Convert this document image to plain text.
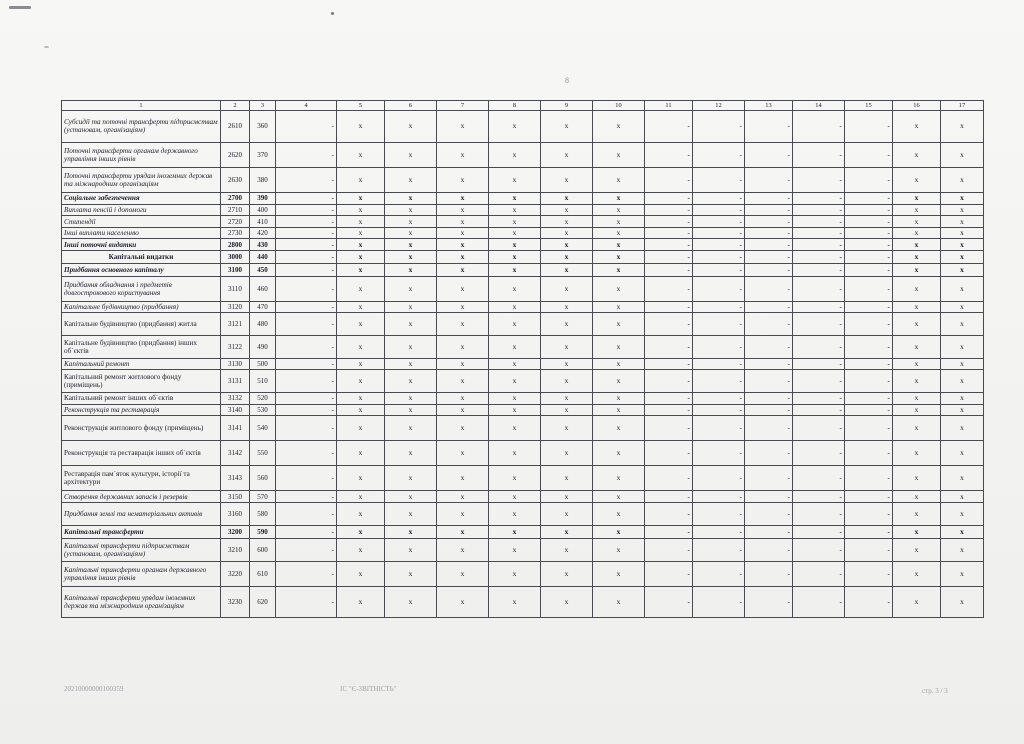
8
1	2	3	4	5	6	7	8	9	10	11	12	13	14	15	16	17
Субсидії та поточні трансферти підприємствам (установам, організаціям)	2610	360	-	х	х	х	х	х	х	-	-	-	-	-	х	х
Поточні трансферти органам державного управління інших рівнів	2620	370	-	х	х	х	х	х	х	-	-	-	-	-	х	х
Поточні трансферти урядам іноземних держав та міжнародним організаціям	2630	380	-	х	х	х	х	х	х	-	-	-	-	-	х	х
Соціальне забезпечення	2700	390	-	х	х	х	х	х	х	-	-	-	-	-	х	х
Виплата пенсій і допомоги	2710	400	-	х	х	х	х	х	х	-	-	-	-	-	х	х
Стипендії	2720	410	-	х	х	х	х	х	х	-	-	-	-	-	х	х
Інші виплати населенню	2730	420	-	х	х	х	х	х	х	-	-	-	-	-	х	х
Інші поточні видатки	2800	430	-	х	х	х	х	х	х	-	-	-	-	-	х	х
Капітальні видатки	3000	440	-	х	х	х	х	х	х	-	-	-	-	-	х	х
Придбання основного капіталу	3100	450	-	х	х	х	х	х	х	-	-	-	-	-	х	х
Придбання обладнання і предметів довгострокового користування	3110	460	-	х	х	х	х	х	х	-	-	-	-	-	х	х
Капітальне будівництво (придбання)	3120	470	-	х	х	х	х	х	х	-	-	-	-	-	х	х
Капітальне будівництво (придбання) житла	3121	480	-	х	х	х	х	х	х	-	-	-	-	-	х	х
Капітальне будівництво (придбання) інших об`єктів	3122	490	-	х	х	х	х	х	х	-	-	-	-	-	х	х
Капітальний ремонт	3130	500	-	х	х	х	х	х	х	-	-	-	-	-	х	х
Капітальний ремонт житлового фонду (приміщень)	3131	510	-	х	х	х	х	х	х	-	-	-	-	-	х	х
Капітальний ремонт інших об`єктів	3132	520	-	х	х	х	х	х	х	-	-	-	-	-	х	х
Реконструкція та реставрація	3140	530	-	х	х	х	х	х	х	-	-	-	-	-	х	х
Реконструкція житлового фонду (приміщень)	3141	540	-	х	х	х	х	х	х	-	-	-	-	-	х	х
Реконструкція та реставрація інших об`єктів	3142	550	-	х	х	х	х	х	х	-	-	-	-	-	х	х
Реставрація пам`яток культури, історії та архітектури	3143	560	-	х	х	х	х	х	х	-	-	-	-	-	х	х
Створення державних запасів і резервів	3150	570	-	х	х	х	х	х	х	-	-	-	-	-	х	х
Придбання землі та нематеріальних активів	3160	580	-	х	х	х	х	х	х	-	-	-	-	-	х	х
Капітальні трансферти	3200	590	-	х	х	х	х	х	х	-	-	-	-	-	х	х
Капітальні трансферти підприємствам (установам, організаціям)	3210	600	-	х	х	х	х	х	х	-	-	-	-	-	х	х
Капітальні трансферти органам державного управління інших рівнів	3220	610	-	х	х	х	х	х	х	-	-	-	-	-	х	х
Капітальні трансферти урядам іноземних держав та міжнародним організаціям	3230	620	-	х	х	х	х	х	х	-	-	-	-	-	х	х
20210000000100359	ІС "Є-ЗВІТНІСТЬ"	стр. 3 / 3
